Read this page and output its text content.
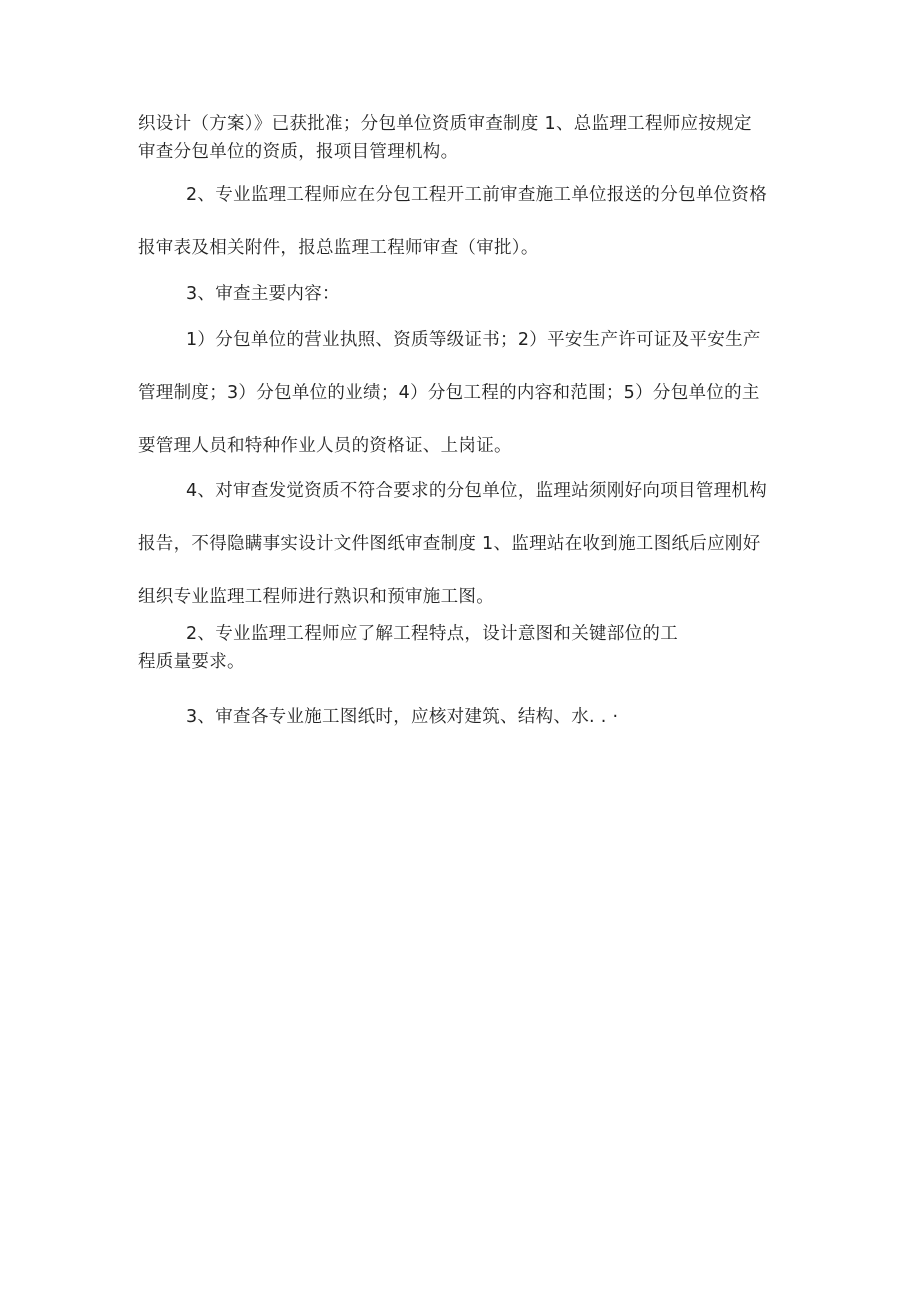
织设计（方案）》已获批准；分包单位资质审查制度 1、总监理工程师应按规定
审查分包单位的资质，报项目管理机构。
2、专业监理工程师应在分包工程开工前审查施工单位报送的分包单位资格
报审表及相关附件，报总监理工程师审查（审批）。
3、审查主要内容：
1）分包单位的营业执照、资质等级证书；2）平安生产许可证及平安生产
管理制度；3）分包单位的业绩；4）分包工程的内容和范围；5）分包单位的主
要管理人员和特种作业人员的资格证、上岗证。
4、对审查发觉资质不符合要求的分包单位，监理站须刚好向项目管理机构
报告，不得隐瞒事实设计文件图纸审查制度 1、监理站在收到施工图纸后应刚好
组织专业监理工程师进行熟识和预审施工图。
2、专业监理工程师应了解工程特点，设计意图和关键部位的工
程质量要求。
3、审查各专业施工图纸时，应核对建筑、结构、水. . ·
